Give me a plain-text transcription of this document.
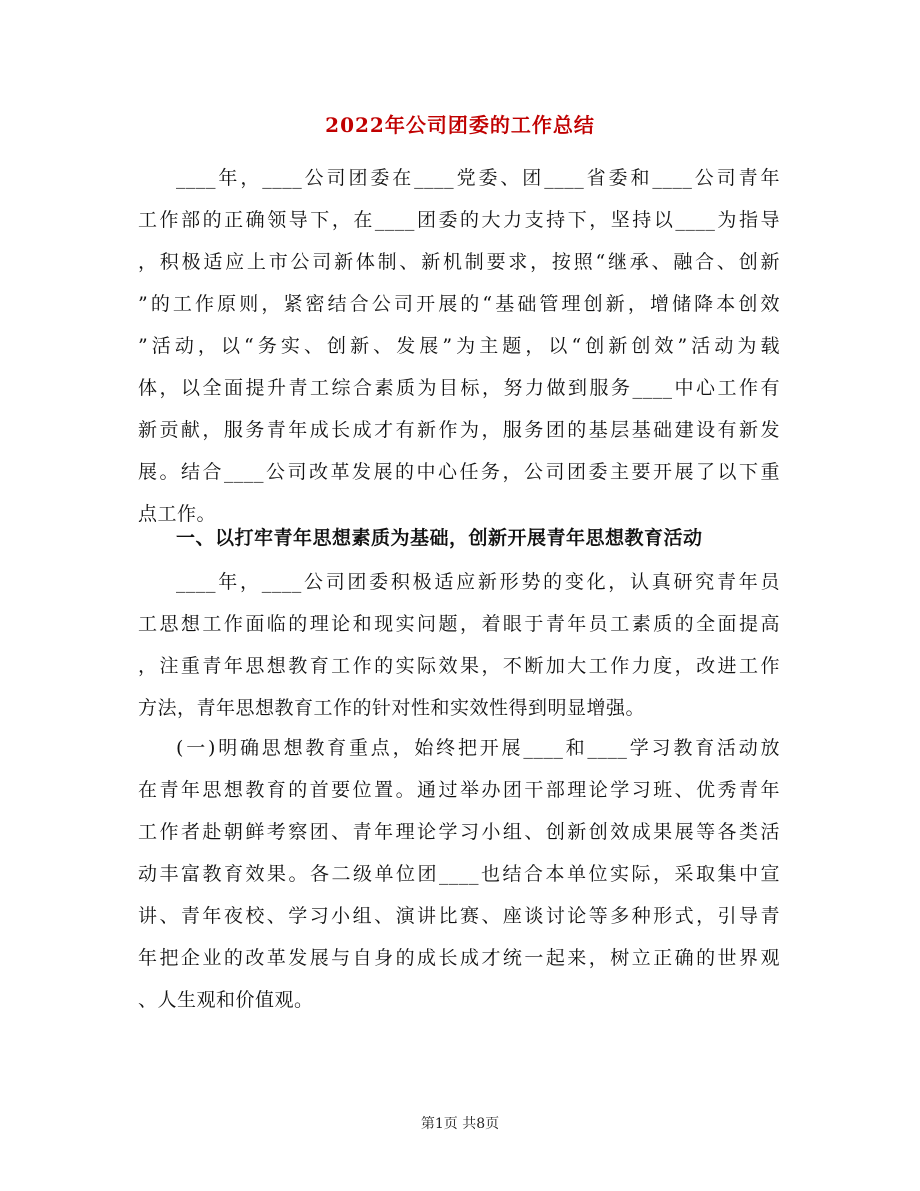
2022年公司团委的工作总结
____年，____公司团委在____党委、团____省委和____公司青年
工作部的正确领导下，在____团委的大力支持下，坚持以____为指导
，积极适应上市公司新体制、新机制要求，按照“继承、融合、创新
”的工作原则，紧密结合公司开展的“基础管理创新，增储降本创效
”活动，以“务实、创新、发展”为主题，以“创新创效”活动为载
体，以全面提升青工综合素质为目标，努力做到服务____中心工作有
新贡献，服务青年成长成才有新作为，服务团的基层基础建设有新发
展。结合____公司改革发展的中心任务，公司团委主要开展了以下重
点工作。
一、以打牢青年思想素质为基础，创新开展青年思想教育活动
____年，____公司团委积极适应新形势的变化，认真研究青年员
工思想工作面临的理论和现实问题，着眼于青年员工素质的全面提高
，注重青年思想教育工作的实际效果，不断加大工作力度，改进工作
方法，青年思想教育工作的针对性和实效性得到明显增强。
(一)明确思想教育重点，始终把开展____和____学习教育活动放
在青年思想教育的首要位置。通过举办团干部理论学习班、优秀青年
工作者赴朝鲜考察团、青年理论学习小组、创新创效成果展等各类活
动丰富教育效果。各二级单位团____也结合本单位实际，采取集中宣
讲、青年夜校、学习小组、演讲比赛、座谈讨论等多种形式，引导青
年把企业的改革发展与自身的成长成才统一起来，树立正确的世界观
、人生观和价值观。
第1页 共8页
